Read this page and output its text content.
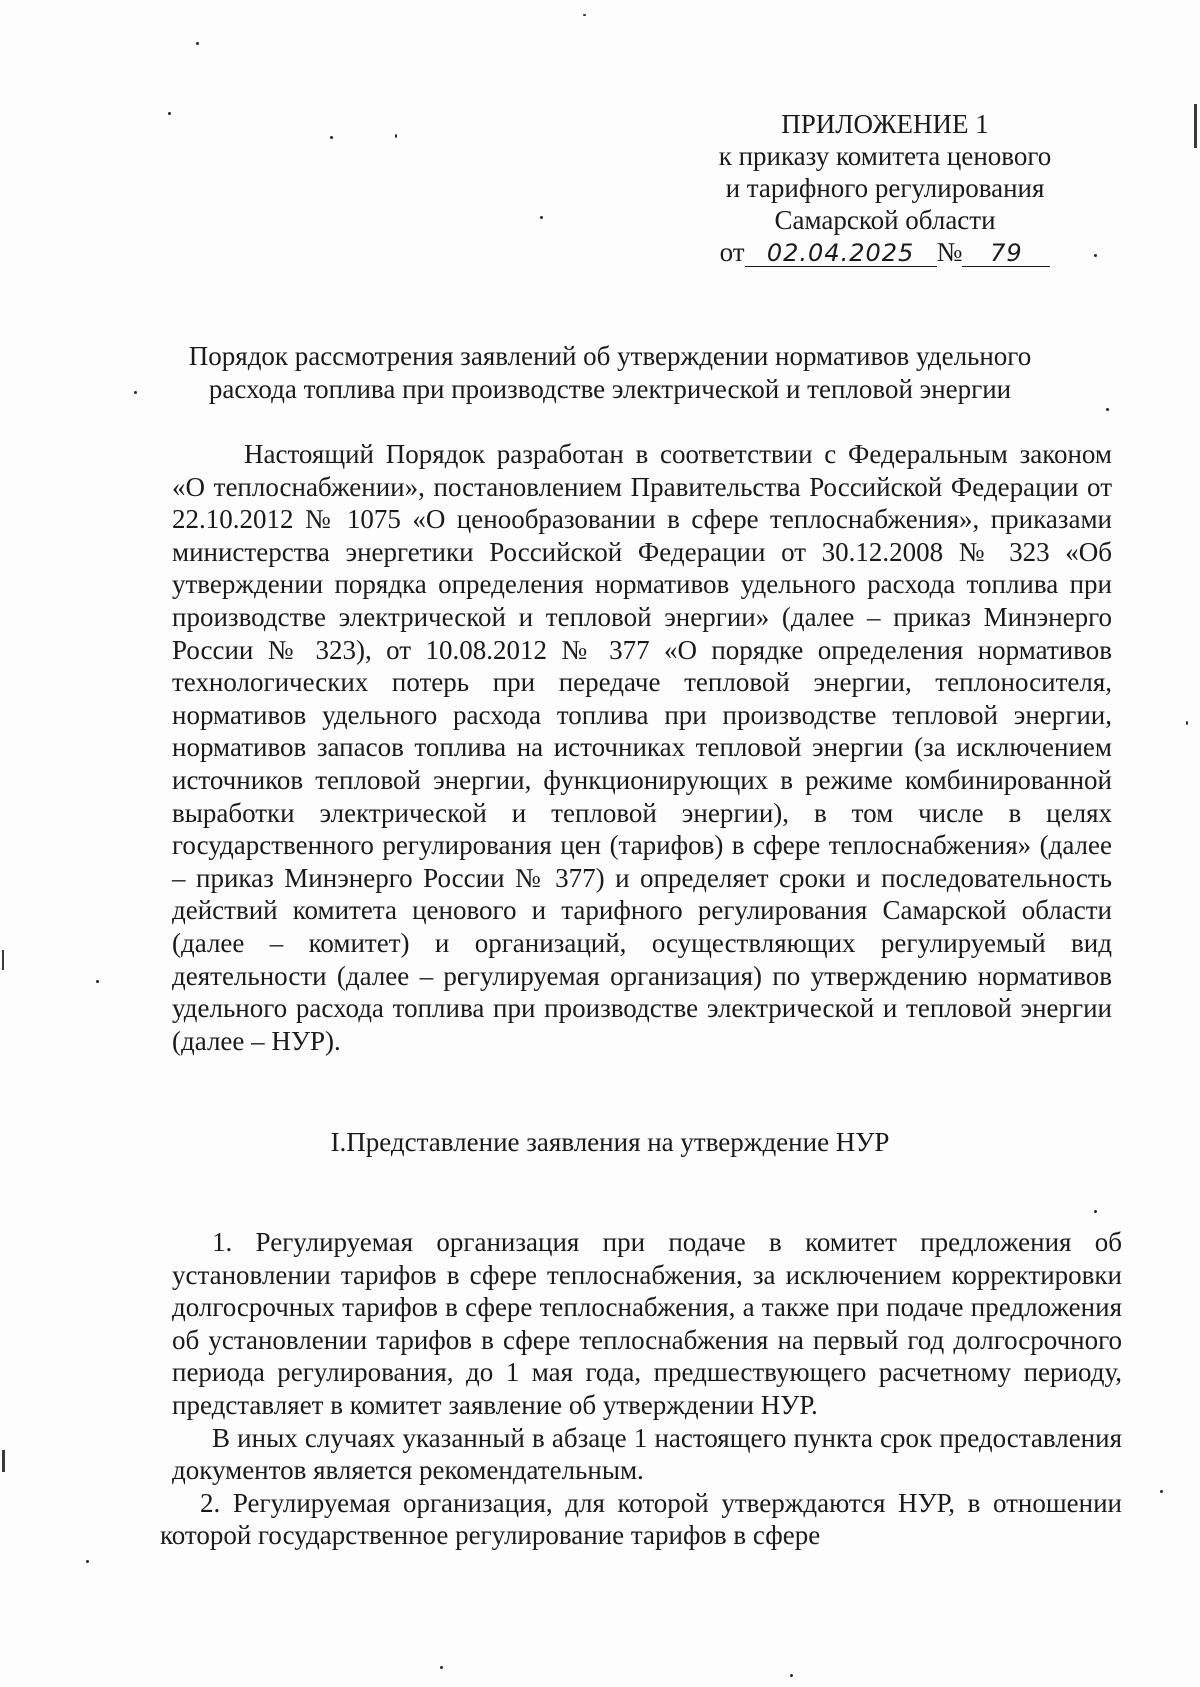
ПРИЛОЖЕНИЕ 1
к приказу комитета ценового
и тарифного регулирования
Самарской области
от 02.04.2025 № 79
Порядок рассмотрения заявлений об утверждении нормативов удельного
расхода топлива при производстве электрической и тепловой энергии

Настоящий Порядок разработан в соответствии с Федеральным законом «О теплоснабжении», постановлением Правительства Российской Федерации от 22.10.2012 № 1075 «О ценообразовании в сфере теплоснабжения», приказами министерства энергетики Российской Федерации от 30.12.2008 № 323 «Об утверждении порядка определения нормативов удельного расхода топлива при производстве электрической и тепловой энергии» (далее – приказ Минэнерго России № 323), от 10.08.2012 № 377 «О порядке определения нормативов технологических потерь при передаче тепловой энергии, теплоносителя, нормативов удельного расхода топлива при производстве тепловой энергии, нормативов запасов топлива на источниках тепловой энергии (за исключением источников тепловой энергии, функционирующих в режиме комбинированной выработки электрической и тепловой энергии), в том числе в целях государственного регулирования цен (тарифов) в сфере теплоснабжения» (далее – приказ Минэнерго России № 377) и определяет сроки и последовательность действий комитета ценового и тарифного регулирования Самарской области (далее – комитет) и организаций, осуществляющих регулируемый вид деятельности (далее – регулируемая организация) по утверждению нормативов удельного расхода топлива при производстве электрической и тепловой энергии (далее – НУР).

I.Представление заявления на утверждение НУР

1. Регулируемая организация при подаче в комитет предложения об установлении тарифов в сфере теплоснабжения, за исключением корректировки долгосрочных тарифов в сфере теплоснабжения, а также при подаче предложения об установлении тарифов в сфере теплоснабжения на первый год долгосрочного периода регулирования, до 1 мая года, предшествующего расчетному периоду, представляет в комитет заявление об утверждении НУР.

В иных случаях указанный в абзаце 1 настоящего пункта срок предоставления документов является рекомендательным.

2. Регулируемая организация, для которой утверждаются НУР, в отношении которой государственное регулирование тарифов в сфере
